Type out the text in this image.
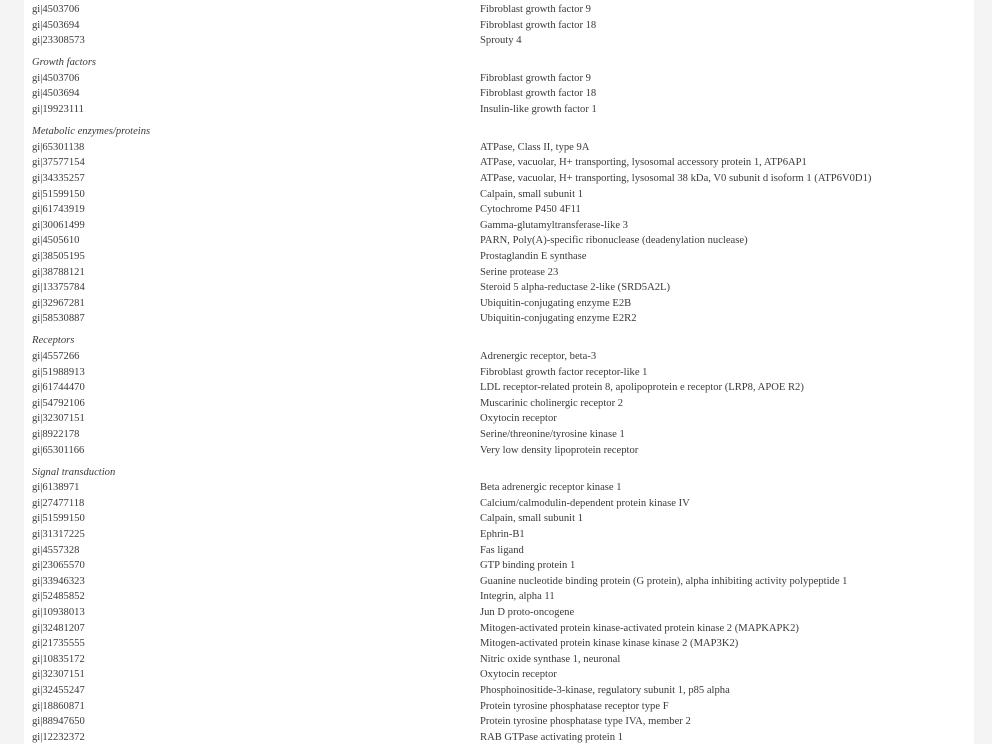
gi|4503706	Fibroblast growth factor 9
gi|4503694	Fibroblast growth factor 18
gi|23308573	Sprouty 4
Growth factors
gi|4503706	Fibroblast growth factor 9
gi|4503694	Fibroblast growth factor 18
gi|19923111	Insulin-like growth factor 1
Metabolic enzymes/proteins
gi|65301138	ATPase, Class II, type 9A
gi|37577154	ATPase, vacuolar, H+ transporting, lysosomal accessory protein 1, ATP6AP1
gi|34335257	ATPase, vacuolar, H+ transporting, lysosomal 38 kDa, V0 subunit d isoform 1 (ATP6V0D1)
gi|51599150	Calpain, small subunit 1
gi|61743919	Cytochrome P450 4F11
gi|30061499	Gamma-glutamyltransferase-like 3
gi|4505610	PARN, Poly(A)-specific ribonuclease (deadenylation nuclease)
gi|38505195	Prostaglandin E synthase
gi|38788121	Serine protease 23
gi|13375784	Steroid 5 alpha-reductase 2-like (SRD5A2L)
gi|32967281	Ubiquitin-conjugating enzyme E2B
gi|58530887	Ubiquitin-conjugating enzyme E2R2
Receptors
gi|4557266	Adrenergic receptor, beta-3
gi|51988913	Fibroblast growth factor receptor-like 1
gi|61744470	LDL receptor-related protein 8, apolipoprotein e receptor (LRP8, APOE R2)
gi|54792106	Muscarinic cholinergic receptor 2
gi|32307151	Oxytocin receptor
gi|8922178	Serine/threonine/tyrosine kinase 1
gi|65301166	Very low density lipoprotein receptor
Signal transduction
gi|6138971	Beta adrenergic receptor kinase 1
gi|27477118	Calcium/calmodulin-dependent protein kinase IV
gi|51599150	Calpain, small subunit 1
gi|31317225	Ephrin-B1
gi|4557328	Fas ligand
gi|23065570	GTP binding protein 1
gi|33946323	Guanine nucleotide binding protein (G protein), alpha inhibiting activity polypeptide 1
gi|52485852	Integrin, alpha 11
gi|10938013	Jun D proto-oncogene
gi|32481207	Mitogen-activated protein kinase-activated protein kinase 2 (MAPKAPK2)
gi|21735555	Mitogen-activated protein kinase kinase kinase 2 (MAP3K2)
gi|10835172	Nitric oxide synthase 1, neuronal
gi|32307151	Oxytocin receptor
gi|32455247	Phosphoinositide-3-kinase, regulatory subunit 1, p85 alpha
gi|18860871	Protein tyrosine phosphatase receptor type F
gi|88947650	Protein tyrosine phosphatase type IVA, member 2
gi|12232372	RAB GTPase activating protein 1
